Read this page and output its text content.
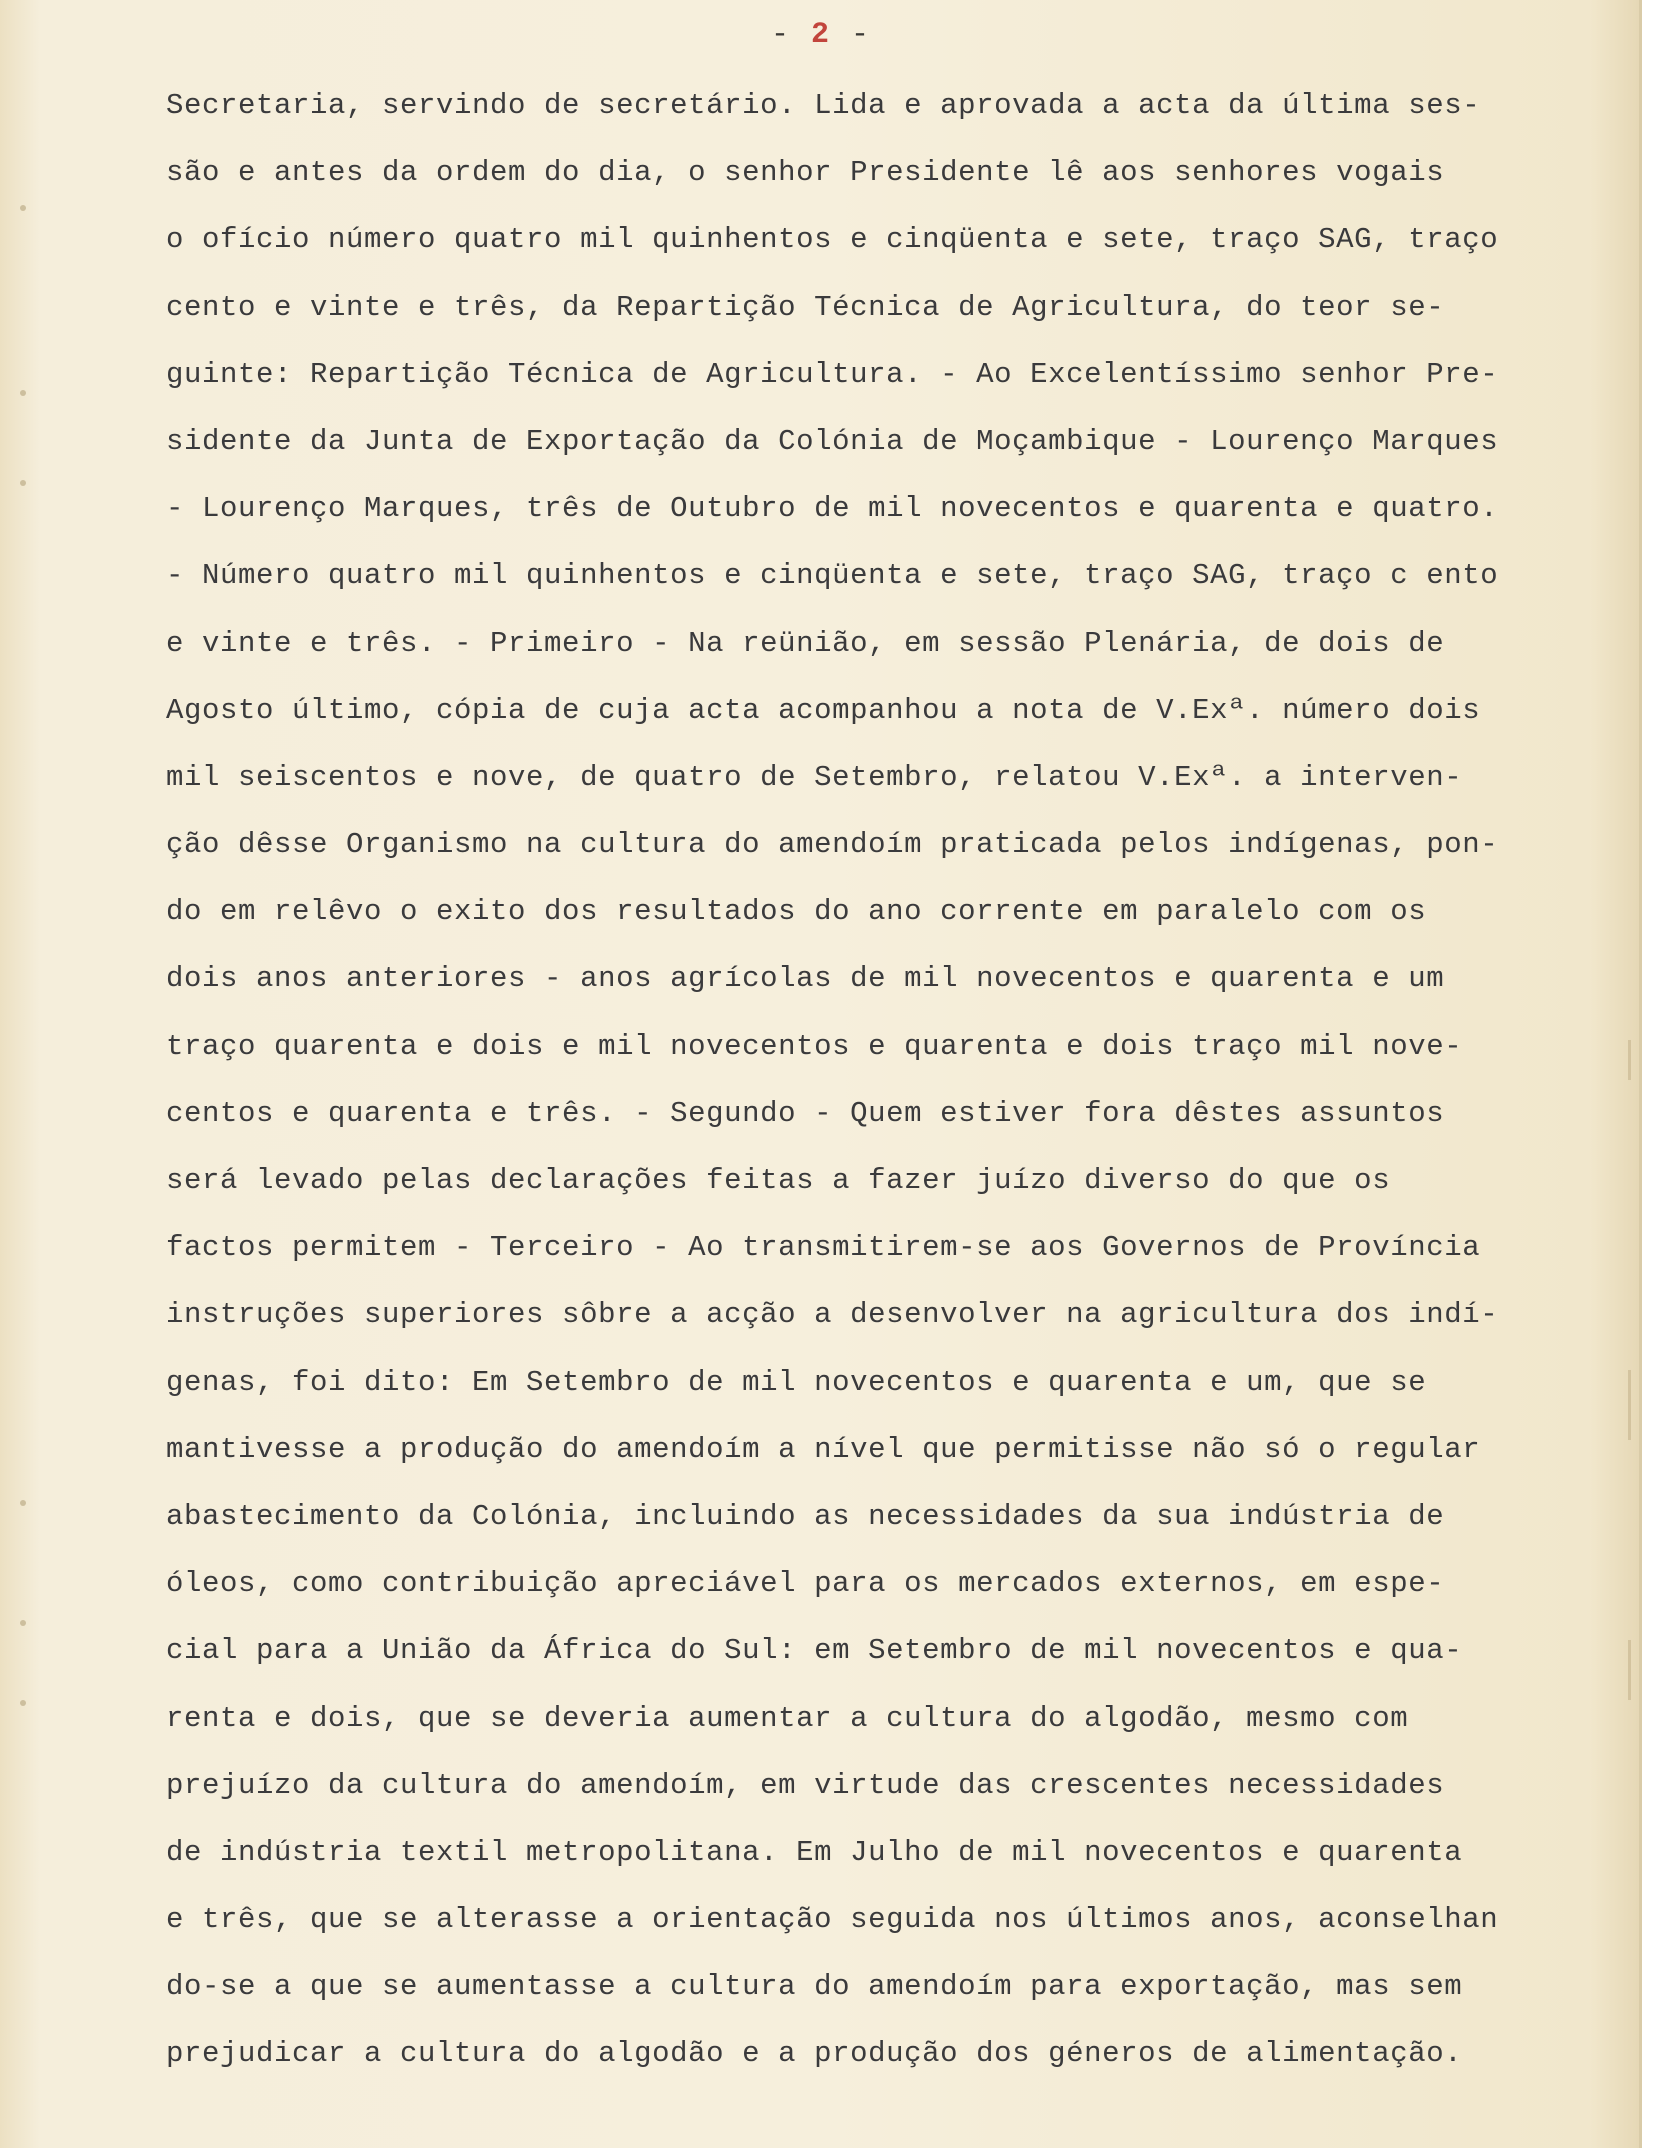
- 2 -
Secretaria, servindo de secretário. Lida e aprovada a acta da última ses-
são e antes da ordem do dia, o senhor Presidente lê aos senhores vogais
o ofício número quatro mil quinhentos e cinqüenta e sete, traço SAG, traço
cento e vinte e três, da Repartição Técnica de Agricultura, do teor se-
guinte: Repartição Técnica de Agricultura. - Ao Excelentíssimo senhor Pre-
sidente da Junta de Exportação da Colónia de Moçambique - Lourenço Marques
- Lourenço Marques, três de Outubro de mil novecentos e quarenta e quatro.
- Número quatro mil quinhentos e cinqüenta e sete, traço SAG, traço c ento
e vinte e três. - Primeiro - Na reünião, em sessão Plenária, de dois de
Agosto último, cópia de cuja acta acompanhou a nota de V.Exª. número dois
mil seiscentos e nove, de quatro de Setembro, relatou V.Exª. a interven-
ção dêsse Organismo na cultura do amendoím praticada pelos indígenas, pon-
do em relêvo o exito dos resultados do ano corrente em paralelo com os
dois anos anteriores - anos agrícolas de mil novecentos e quarenta e um
traço quarenta e dois e mil novecentos e quarenta e dois traço mil nove-
centos e quarenta e três. - Segundo - Quem estiver fora dêstes assuntos
será levado pelas declarações feitas a fazer juízo diverso do que os
factos permitem - Terceiro - Ao transmitirem-se aos Governos de Província
instruções superiores sôbre a acção a desenvolver na agricultura dos indí-
genas, foi dito: Em Setembro de mil novecentos e quarenta e um, que se
mantivesse a produção do amendoím a nível que permitisse não só o regular
abastecimento da Colónia, incluindo as necessidades da sua indústria de
óleos, como contribuição apreciável para os mercados externos, em espe-
cial para a União da África do Sul: em Setembro de mil novecentos e qua-
renta e dois, que se deveria aumentar a cultura do algodão, mesmo com
prejuízo da cultura do amendoím, em virtude das crescentes necessidades
de indústria textil metropolitana. Em Julho de mil novecentos e quarenta
e três, que se alterasse a orientação seguida nos últimos anos, aconselhan
do-se a que se aumentasse a cultura do amendoím para exportação, mas sem
prejudicar a cultura do algodão e a produção dos géneros de alimentação.
